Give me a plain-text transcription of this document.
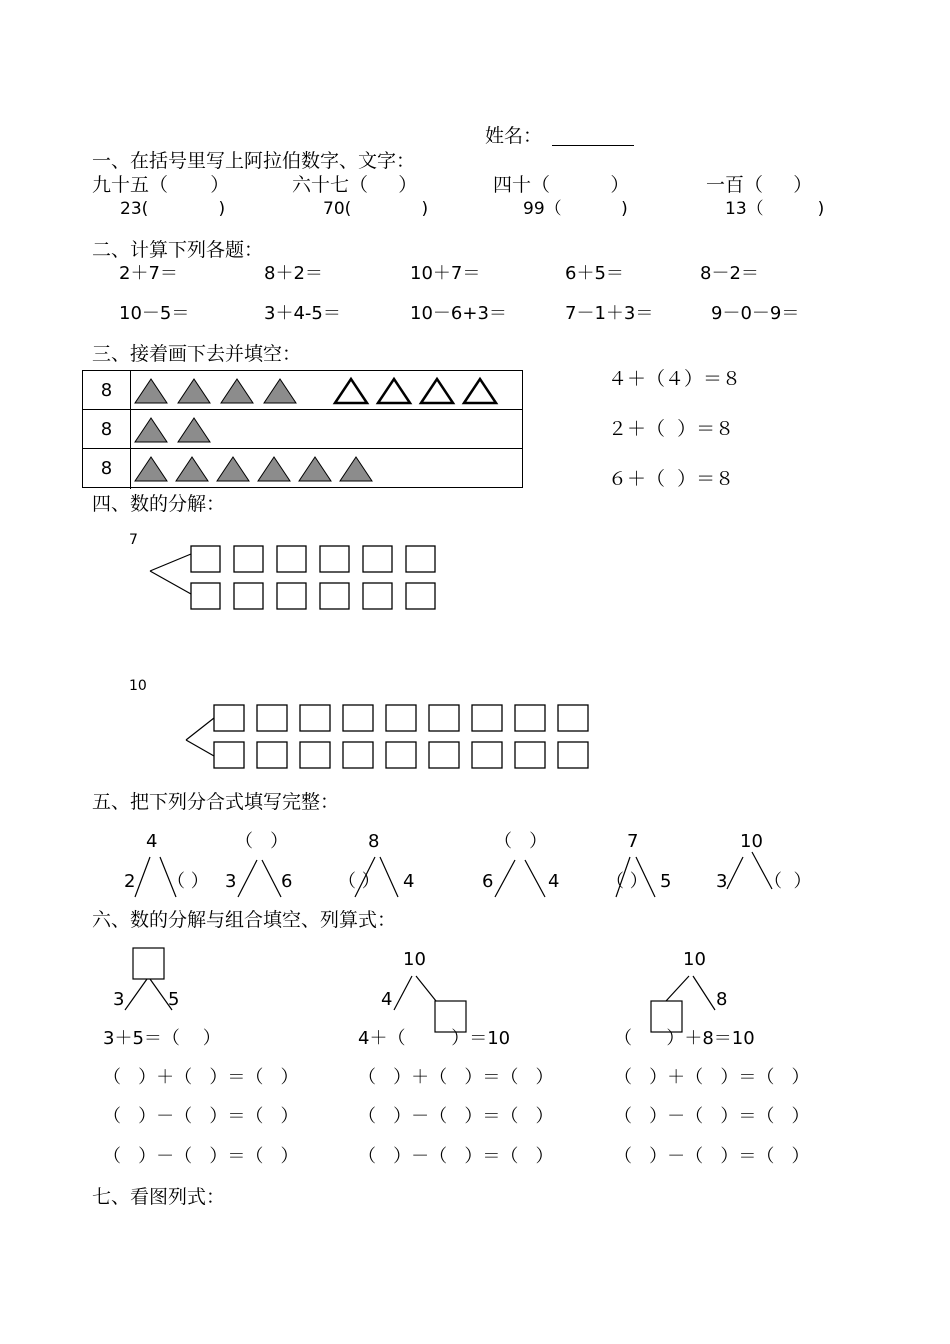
姓名：
一、在括号里写上阿拉伯数字、文字：
九十五（       ）	六十七（     ）	四十（          ）	一百（     ）
23(             )	70(             )	99（           )	13（          )
二、计算下列各题：
2＋7＝	8＋2＝	10＋7＝	6＋5＝	8－2＝
10－5＝	3＋4-5＝	10－6+3＝	7－1＋3＝	9－0－9＝
三、接着画下去并填空：
8
8
8
４＋（４）＝８
２＋（  ）＝８
６＋（  ）＝８
四、数的分解：
7
10
五、把下列分合式填写完整：
4
2 （ ）
（   ）
3 6
8
（ ） 4
（   ）
6	4
7
（ ） 5
10
3 （  ）
六、数的分解与组合填空、列算式：
3 5
10
4
10
8
3＋5＝（    ）	4＋（        ）＝10	（      ）＋8＝10
（   ）＋（   ）＝（   ）	（   ）＋（   ）＝（   ）	（   ）＋（   ）＝（   ）
（   ）－（   ）＝（   ）	（   ）－（   ）＝（   ）	（   ）－（   ）＝（   ）
（   ）－（   ）＝（   ）	（   ）－（   ）＝（   ）	（   ）－（   ）＝（   ）
七、看图列式：
